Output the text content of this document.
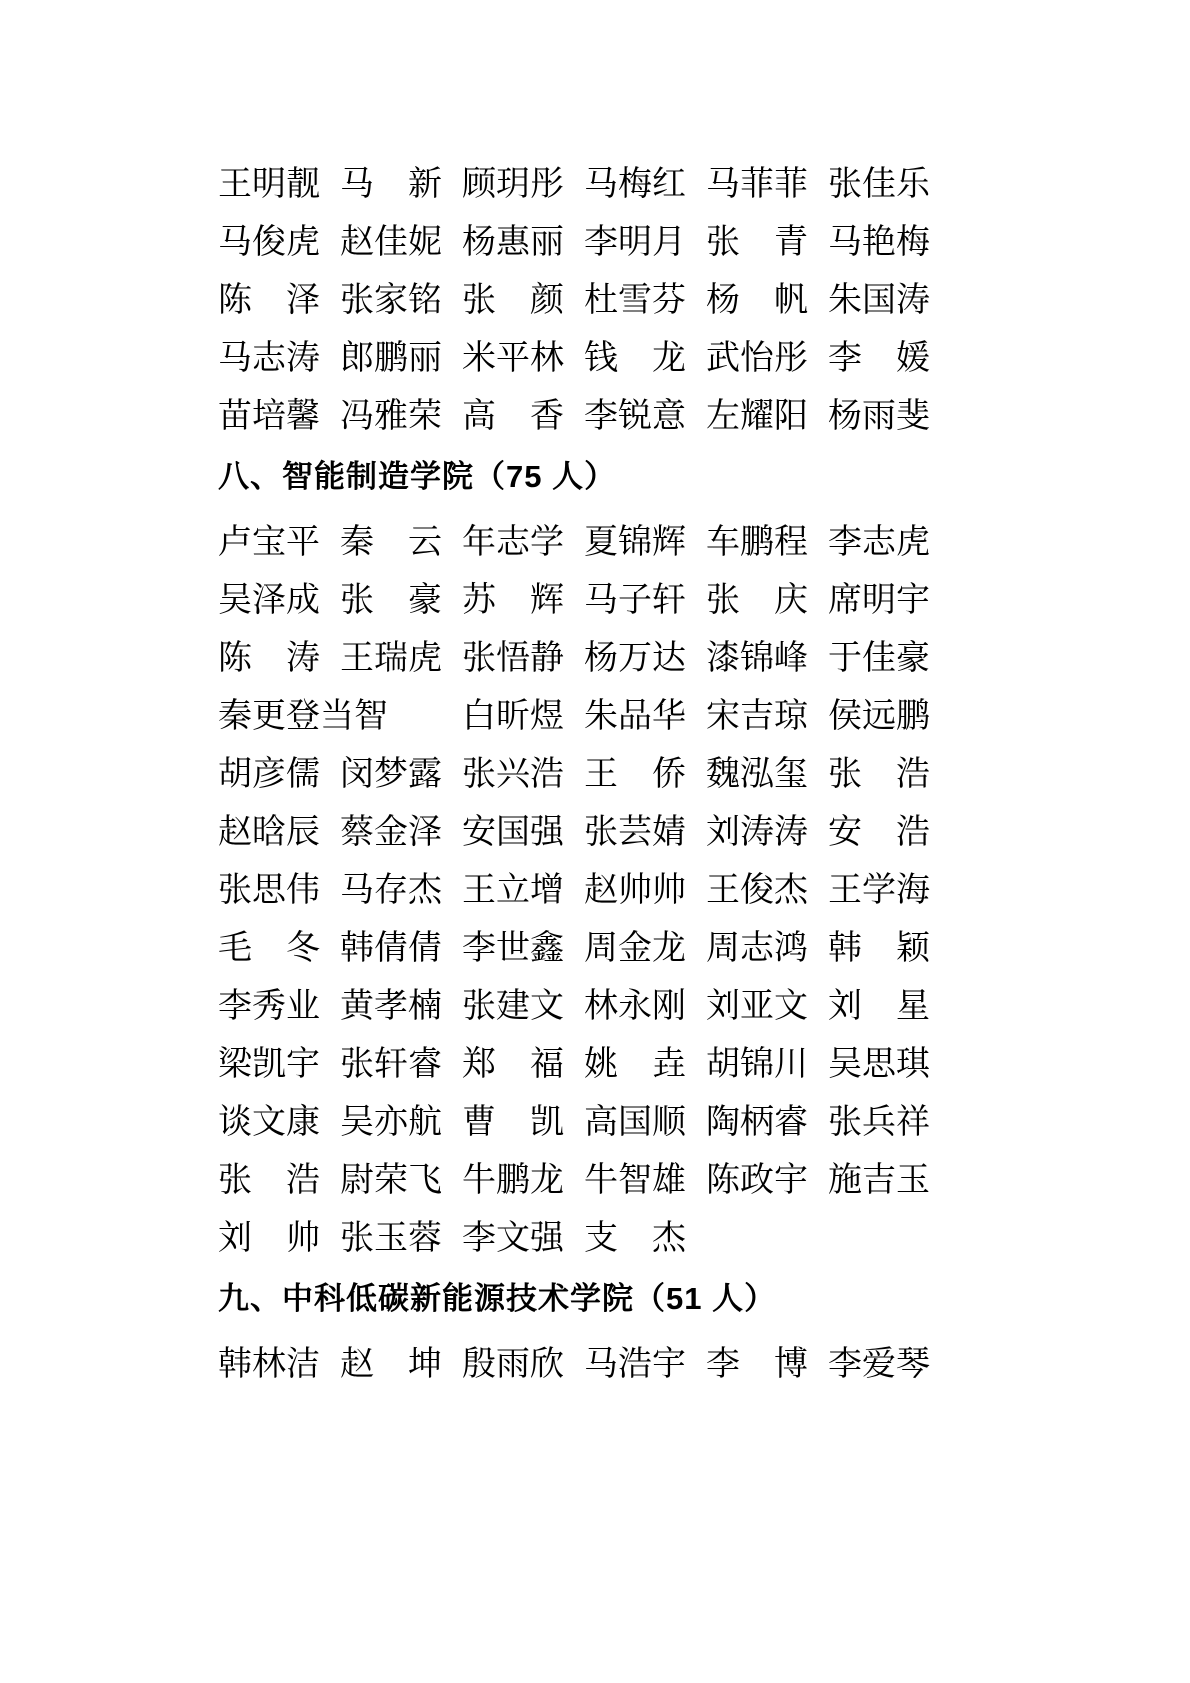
王明靓 马　新 顾玥彤 马梅红 马菲菲 张佳乐
马俊虎 赵佳妮 杨惠丽 李明月 张　青 马艳梅
陈　泽 张家铭 张　颜 杜雪芬 杨　帆 朱国涛
马志涛 郎鹏丽 米平林 钱　龙 武怡彤 李　媛
苗培馨 冯雅荣 高　香 李锐意 左耀阳 杨雨斐
八、智能制造学院（75 人）
卢宝平 秦　云 年志学 夏锦辉 车鹏程 李志虎
吴泽成 张　豪 苏　辉 马子轩 张　庆 席明宇
陈　涛 王瑞虎 张悟静 杨万达 漆锦峰 于佳豪
秦更登当智	白昕煜 朱品华 宋吉琼 侯远鹏
胡彦儒 闵梦露 张兴浩 王　侨 魏泓玺 张　浩
赵晗辰 蔡金泽 安国强 张芸婧 刘涛涛 安　浩
张思伟 马存杰 王立增 赵帅帅 王俊杰 王学海
毛　冬 韩倩倩 李世鑫 周金龙 周志鸿 韩　颖
李秀业 黄孝楠 张建文 林永刚 刘亚文 刘　星
梁凯宇 张轩睿 郑　福 姚　垚 胡锦川 吴思琪
谈文康 吴亦航 曹　凯 高国顺 陶柄睿 张兵祥
张　浩 尉荣飞 牛鹏龙 牛智雄 陈政宇 施吉玉
刘　帅 张玉蓉 李文强 支　杰
九、中科低碳新能源技术学院（51 人）
韩林洁 赵　坤 殷雨欣 马浩宇 李　博 李爱琴
